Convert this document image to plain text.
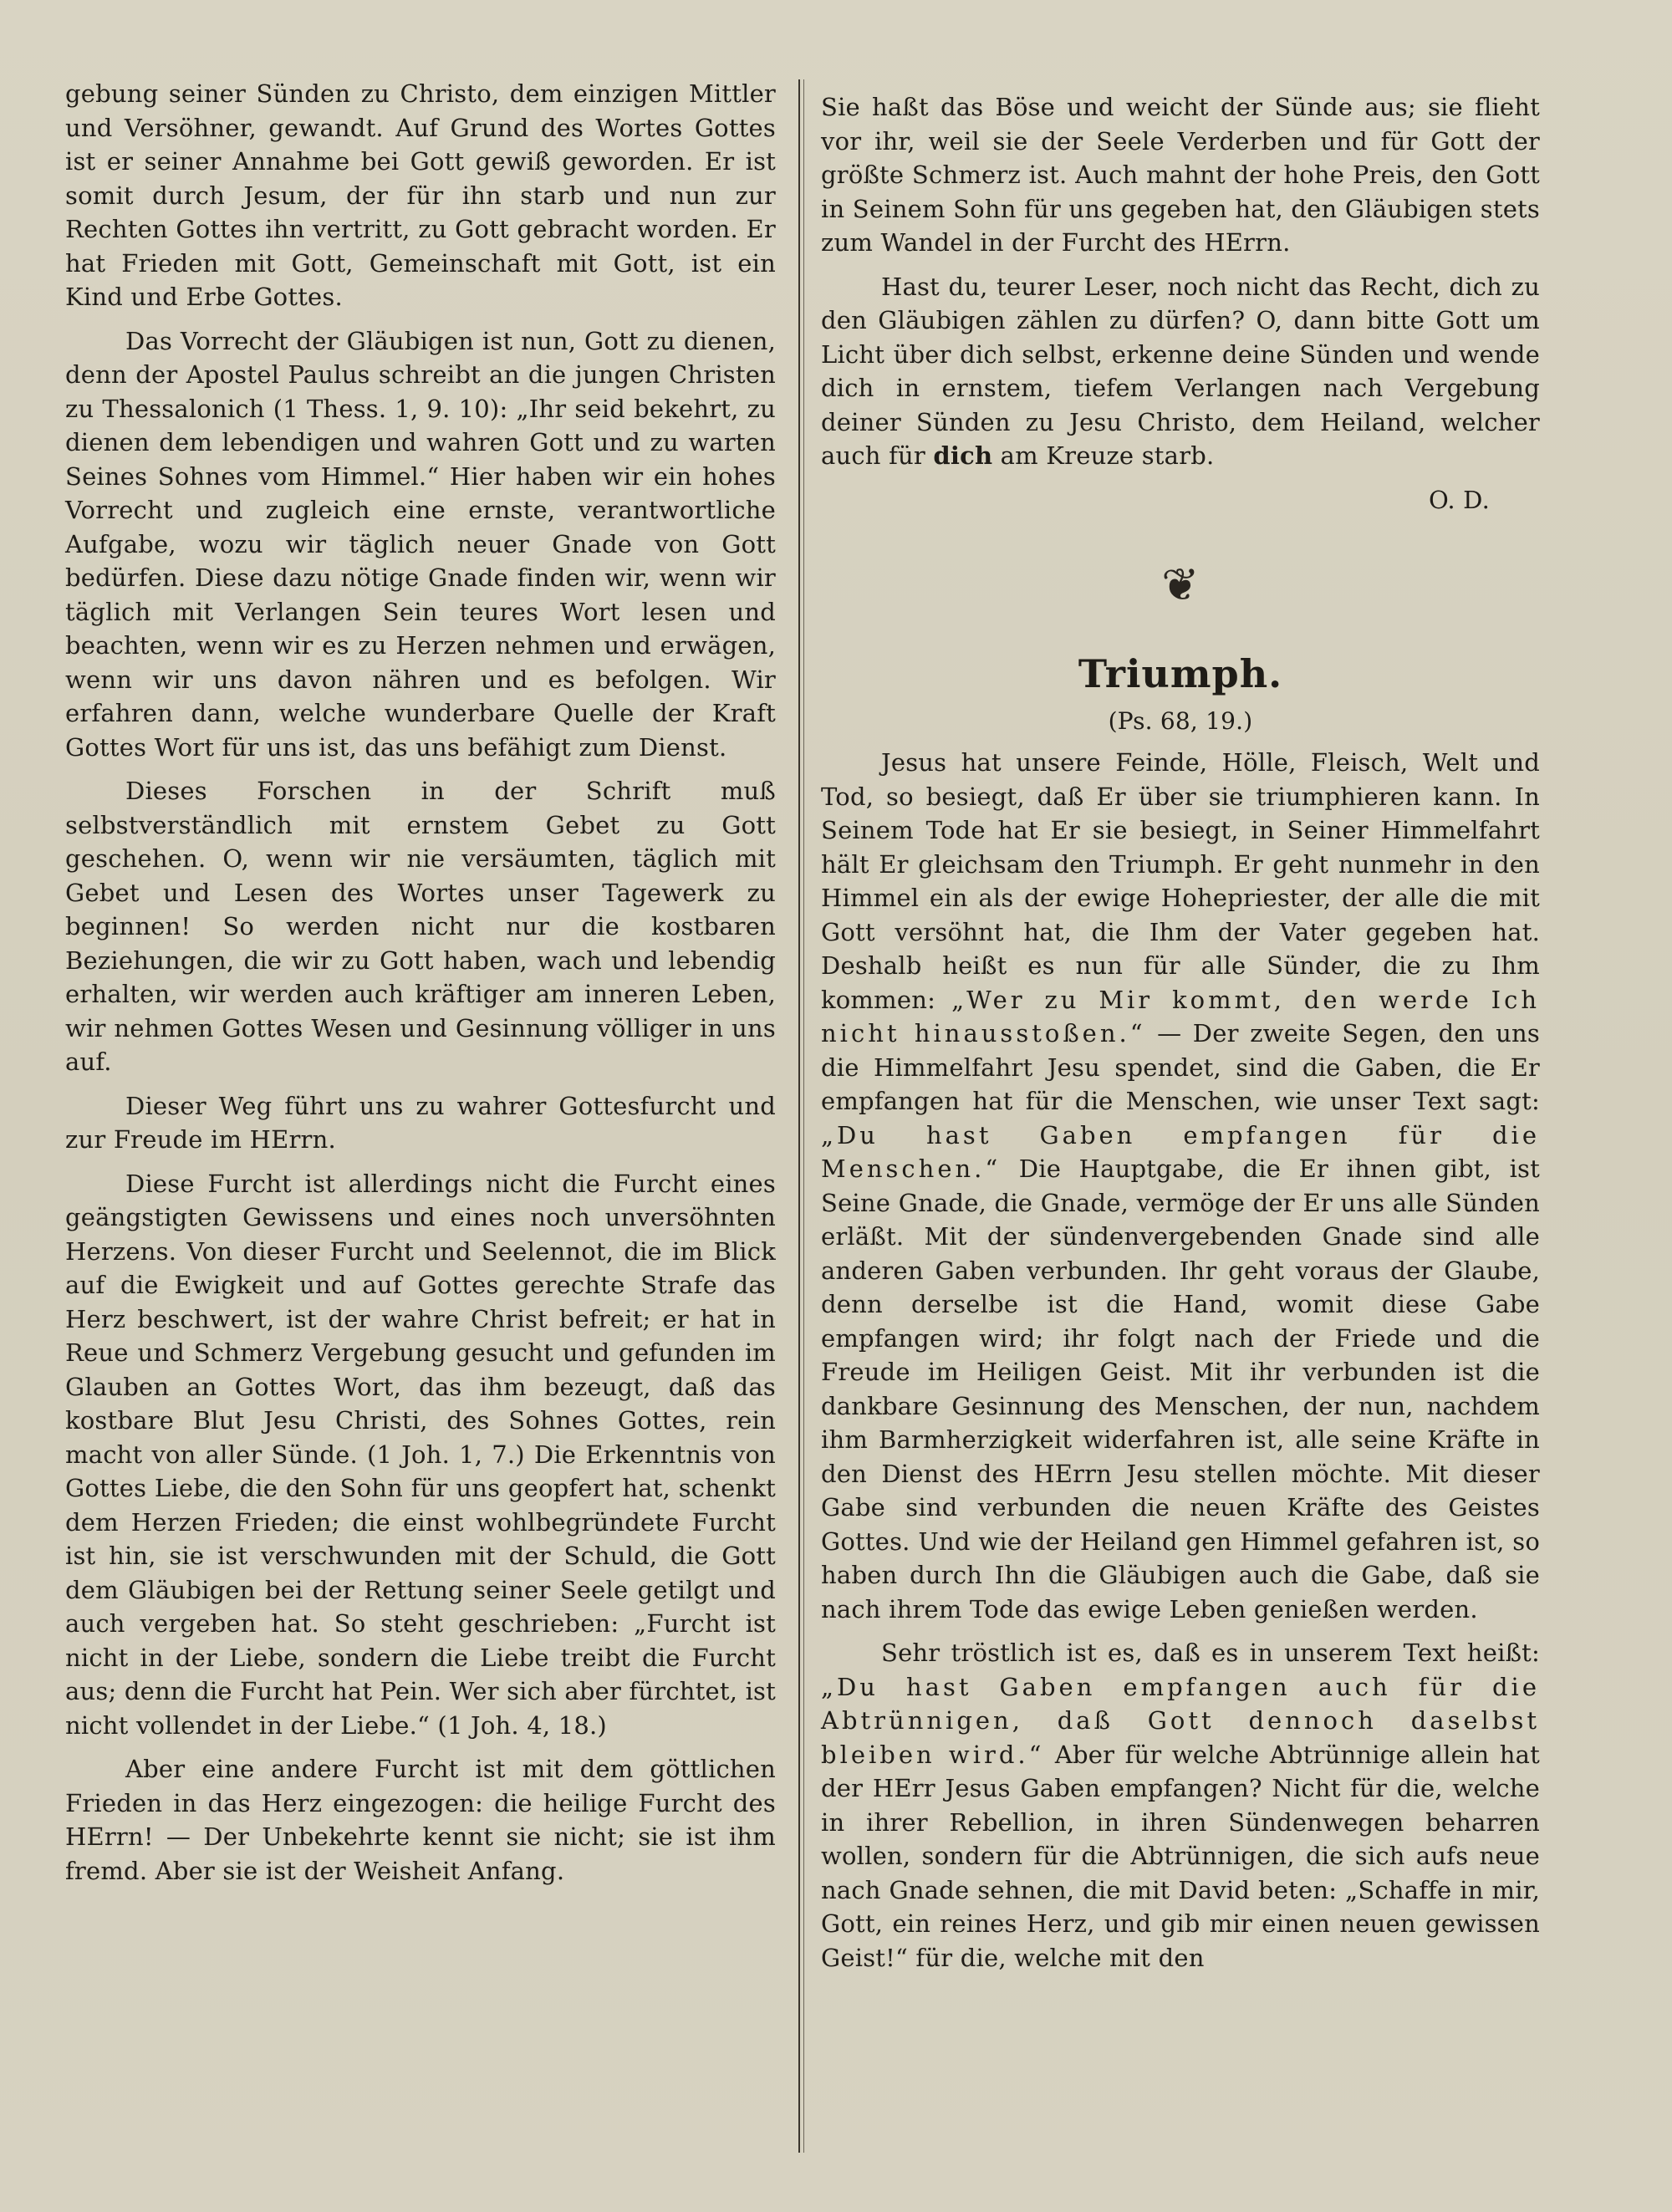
gebung seiner Sünden zu Christo, dem einzigen Mittler und Versöhner, gewandt. Auf Grund des Wortes Gottes ist er seiner Annahme bei Gott gewiß geworden. Er ist somit durch Jesum, der für ihn starb und nun zur Rechten Gottes ihn vertritt, zu Gott gebracht worden. Er hat Frieden mit Gott, Gemeinschaft mit Gott, ist ein Kind und Erbe Gottes.

Das Vorrecht der Gläubigen ist nun, Gott zu dienen, denn der Apostel Paulus schreibt an die jungen Christen zu Thessalonich (1 Thess. 1, 9. 10): „Ihr seid bekehrt, zu dienen dem lebendigen und wahren Gott und zu warten Seines Sohnes vom Himmel.“ Hier haben wir ein hohes Vorrecht und zugleich eine ernste, verantwortliche Aufgabe, wozu wir täglich neuer Gnade von Gott bedürfen. Diese dazu nötige Gnade finden wir, wenn wir täglich mit Verlangen Sein teures Wort lesen und beachten, wenn wir es zu Herzen nehmen und erwägen, wenn wir uns davon nähren und es befolgen. Wir erfahren dann, welche wunderbare Quelle der Kraft Gottes Wort für uns ist, das uns befähigt zum Dienst.

Dieses Forschen in der Schrift muß selbstverständlich mit ernstem Gebet zu Gott geschehen. O, wenn wir nie versäumten, täglich mit Gebet und Lesen des Wortes unser Tagewerk zu beginnen! So werden nicht nur die kostbaren Beziehungen, die wir zu Gott haben, wach und lebendig erhalten, wir werden auch kräftiger am inneren Leben, wir nehmen Gottes Wesen und Gesinnung völliger in uns auf.

Dieser Weg führt uns zu wahrer Gottesfurcht und zur Freude im HErrn.

Diese Furcht ist allerdings nicht die Furcht eines geängstigten Gewissens und eines noch unversöhnten Herzens. Von dieser Furcht und Seelennot, die im Blick auf die Ewigkeit und auf Gottes gerechte Strafe das Herz beschwert, ist der wahre Christ befreit; er hat in Reue und Schmerz Vergebung gesucht und gefunden im Glauben an Gottes Wort, das ihm bezeugt, daß das kostbare Blut Jesu Christi, des Sohnes Gottes, rein macht von aller Sünde. (1 Joh. 1, 7.) Die Erkenntnis von Gottes Liebe, die den Sohn für uns geopfert hat, schenkt dem Herzen Frieden; die einst wohlbegründete Furcht ist hin, sie ist verschwunden mit der Schuld, die Gott dem Gläubigen bei der Rettung seiner Seele getilgt und auch vergeben hat. So steht geschrieben: „Furcht ist nicht in der Liebe, sondern die Liebe treibt die Furcht aus; denn die Furcht hat Pein. Wer sich aber fürchtet, ist nicht vollendet in der Liebe.“ (1 Joh. 4, 18.)

Aber eine andere Furcht ist mit dem göttlichen Frieden in das Herz eingezogen: die heilige Furcht des HErrn! — Der Unbekehrte kennt sie nicht; sie ist ihm fremd. Aber sie ist der Weisheit Anfang.

Sie haßt das Böse und weicht der Sünde aus; sie flieht vor ihr, weil sie der Seele Verderben und für Gott der größte Schmerz ist. Auch mahnt der hohe Preis, den Gott in Seinem Sohn für uns gegeben hat, den Gläubigen stets zum Wandel in der Furcht des HErrn.

Hast du, teurer Leser, noch nicht das Recht, dich zu den Gläubigen zählen zu dürfen? O, dann bitte Gott um Licht über dich selbst, erkenne deine Sünden und wende dich in ernstem, tiefem Verlangen nach Vergebung deiner Sünden zu Jesu Christo, dem Heiland, welcher auch für dich am Kreuze starb.

O. D.

❦
Triumph.
(Ps. 68, 19.)

Jesus hat unsere Feinde, Hölle, Fleisch, Welt und Tod, so besiegt, daß Er über sie triumphieren kann. In Seinem Tode hat Er sie besiegt, in Seiner Himmelfahrt hält Er gleichsam den Triumph. Er geht nunmehr in den Himmel ein als der ewige Hohepriester, der alle die mit Gott versöhnt hat, die Ihm der Vater gegeben hat. Deshalb heißt es nun für alle Sünder, die zu Ihm kommen: „Wer zu Mir kommt, den werde Ich nicht hinausstoßen.“ — Der zweite Segen, den uns die Himmelfahrt Jesu spendet, sind die Gaben, die Er empfangen hat für die Menschen, wie unser Text sagt: „Du hast Gaben empfangen für die Menschen.“ Die Hauptgabe, die Er ihnen gibt, ist Seine Gnade, die Gnade, vermöge der Er uns alle Sünden erläßt. Mit der sündenvergebenden Gnade sind alle anderen Gaben verbunden. Ihr geht voraus der Glaube, denn derselbe ist die Hand, womit diese Gabe empfangen wird; ihr folgt nach der Friede und die Freude im Heiligen Geist. Mit ihr verbunden ist die dankbare Gesinnung des Menschen, der nun, nachdem ihm Barmherzigkeit widerfahren ist, alle seine Kräfte in den Dienst des HErrn Jesu stellen möchte. Mit dieser Gabe sind verbunden die neuen Kräfte des Geistes Gottes. Und wie der Heiland gen Himmel gefahren ist, so haben durch Ihn die Gläubigen auch die Gabe, daß sie nach ihrem Tode das ewige Leben genießen werden.

Sehr tröstlich ist es, daß es in unserem Text heißt: „Du hast Gaben empfangen auch für die Abtrünnigen, daß Gott dennoch daselbst bleiben wird.“ Aber für welche Abtrünnige allein hat der HErr Jesus Gaben empfangen? Nicht für die, welche in ihrer Rebellion, in ihren Sündenwegen beharren wollen, sondern für die Abtrünnigen, die sich aufs neue nach Gnade sehnen, die mit David beten: „Schaffe in mir, Gott, ein reines Herz, und gib mir einen neuen gewissen Geist!“ für die, welche mit den
